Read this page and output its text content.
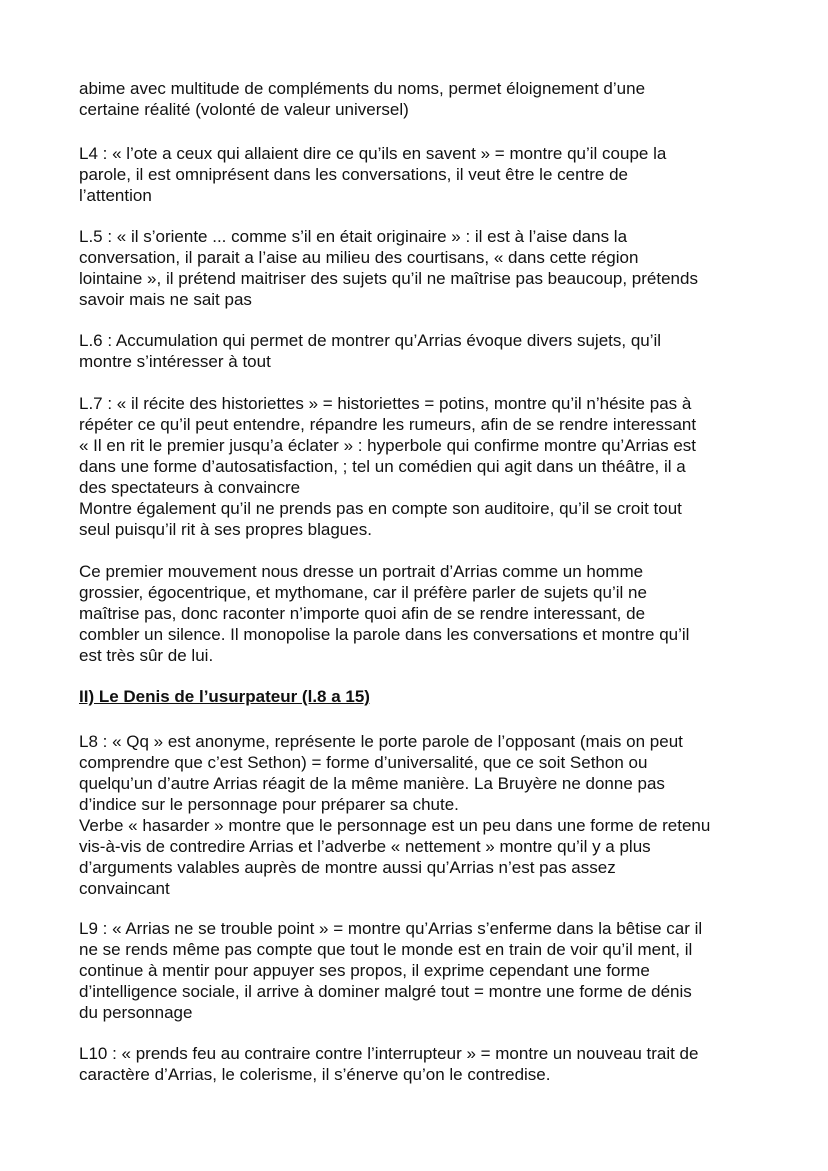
abime avec multitude de compléments du noms, permet éloignement d’une
certaine réalité (volonté de valeur universel)
L4 : « l’ote a ceux qui allaient dire ce qu’ils en savent » = montre qu’il coupe la
parole, il est omniprésent dans les conversations, il veut être le centre de
l’attention
L.5 : « il s’oriente ... comme s’il en était originaire » : il est à l’aise dans la
conversation, il parait a l’aise au milieu des courtisans, « dans cette région
lointaine », il prétend maitriser des sujets qu’il ne maîtrise pas beaucoup, prétends
savoir mais ne sait pas
L.6 : Accumulation qui permet de montrer qu’Arrias évoque divers sujets, qu’il
montre s’intéresser à tout
L.7 : « il récite des historiettes » = historiettes = potins, montre qu’il n’hésite pas à
répéter ce qu’il peut entendre, répandre les rumeurs, afin de se rendre interessant
« Il en rit le premier jusqu’a éclater » : hyperbole qui confirme montre qu’Arrias est
dans une forme d’autosatisfaction, ; tel un comédien qui agit dans un théâtre, il a
des spectateurs à convaincre
Montre également qu’il ne prends pas en compte son auditoire, qu’il se croit tout
seul puisqu’il rit à ses propres blagues.
Ce premier mouvement nous dresse un portrait d’Arrias comme un homme
grossier, égocentrique, et mythomane, car il préfère parler de sujets qu’il ne
maîtrise pas, donc raconter n’importe quoi afin de se rendre interessant, de
combler un silence. Il monopolise la parole dans les conversations et montre qu’il
est très sûr de lui.
II) Le Denis de l’usurpateur (l.8 a 15)
L8 : « Qq » est anonyme, représente le porte parole de l’opposant (mais on peut
comprendre que c’est Sethon) = forme d’universalité, que ce soit Sethon ou
quelqu’un d’autre Arrias réagit de la même manière. La Bruyère ne donne pas
d’indice sur le personnage pour préparer sa chute.
Verbe « hasarder » montre que le personnage est un peu dans une forme de retenu
vis-à-vis de contredire Arrias et l’adverbe « nettement » montre qu’il y a plus
d’arguments valables auprès de montre aussi qu’Arrias n’est pas assez
convaincant
L9 : « Arrias ne se trouble point » = montre qu’Arrias s’enferme dans la bêtise car il
ne se rends même pas compte que tout le monde est en train de voir qu’il ment, il
continue à mentir pour appuyer ses propos, il exprime cependant une forme
d’intelligence sociale, il arrive à dominer malgré tout = montre une forme de dénis
du personnage
L10 : « prends feu au contraire contre l’interrupteur » = montre un nouveau trait de
caractère d’Arrias, le colerisme, il s’énerve qu’on le contredise.
